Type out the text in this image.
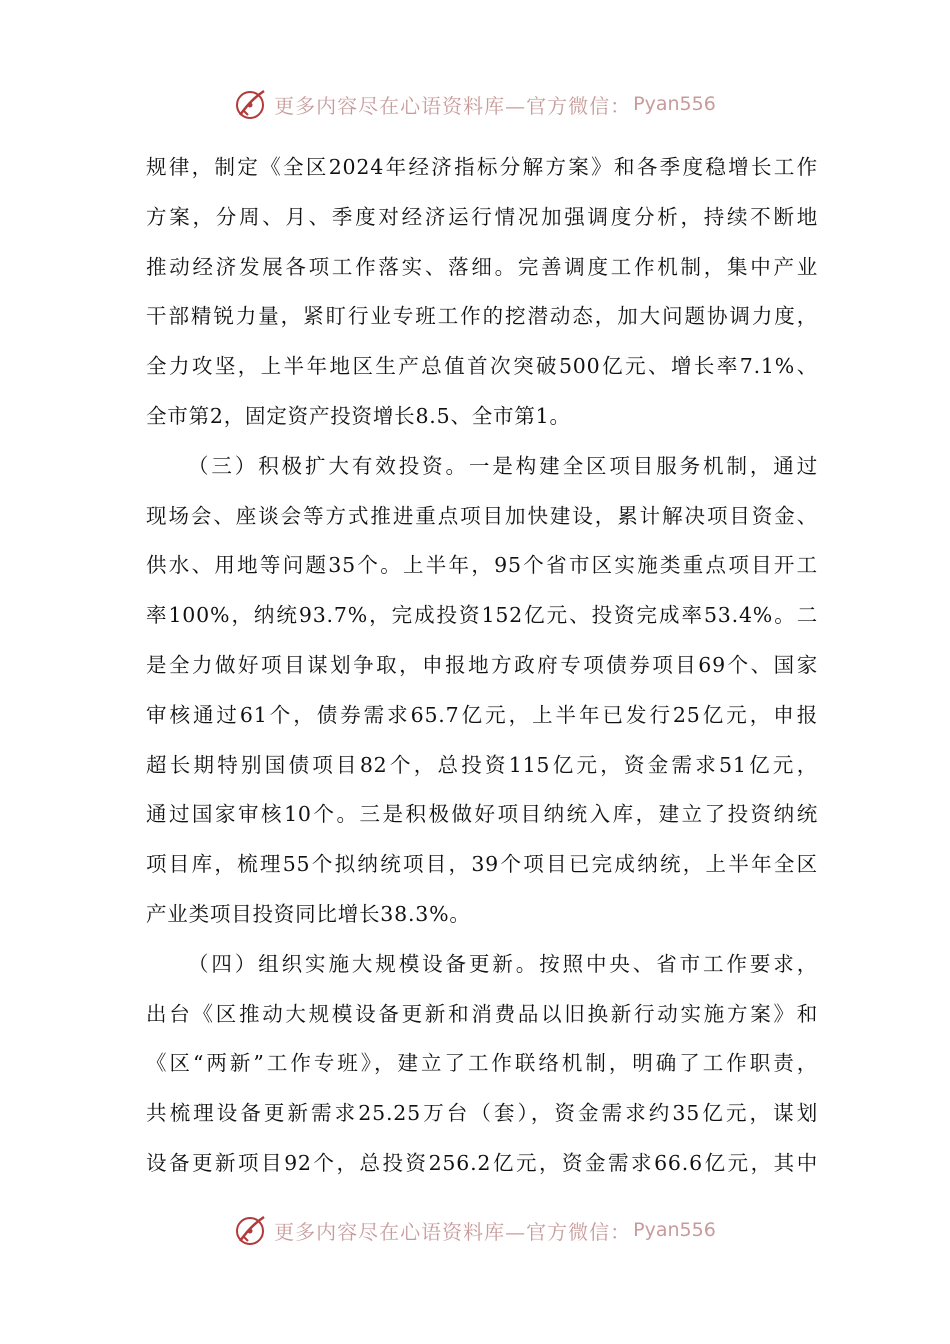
更多内容尽在心语资料库—官方微信： Pyan556
规律，制定《全区2024年经济指标分解方案》和各季度稳增长工作
方案，分周、月、季度对经济运行情况加强调度分析，持续不断地
推动经济发展各项工作落实、落细。完善调度工作机制，集中产业
干部精锐力量，紧盯行业专班工作的挖潜动态，加大问题协调力度，
全力攻坚，上半年地区生产总值首次突破500亿元、增长率7.1%、
全市第2，固定资产投资增长8.5、全市第1。
（三）积极扩大有效投资。一是构建全区项目服务机制，通过
现场会、座谈会等方式推进重点项目加快建设，累计解决项目资金、
供水、用地等问题35个。上半年，95个省市区实施类重点项目开工
率100%，纳统93.7%，完成投资152亿元、投资完成率53.4%。二
是全力做好项目谋划争取，申报地方政府专项债券项目69个、国家
审核通过61个，债券需求65.7亿元，上半年已发行25亿元，申报
超长期特别国债项目82个，总投资115亿元，资金需求51亿元，
通过国家审核10个。三是积极做好项目纳统入库，建立了投资纳统
项目库，梳理55个拟纳统项目，39个项目已完成纳统，上半年全区
产业类项目投资同比增长38.3%。
（四）组织实施大规模设备更新。按照中央、省市工作要求，
出台《区推动大规模设备更新和消费品以旧换新行动实施方案》和
《区“两新”工作专班》，建立了工作联络机制，明确了工作职责，
共梳理设备更新需求25.25万台（套），资金需求约35亿元，谋划
设备更新项目92个，总投资256.2亿元，资金需求66.6亿元，其中
更多内容尽在心语资料库—官方微信： Pyan556
